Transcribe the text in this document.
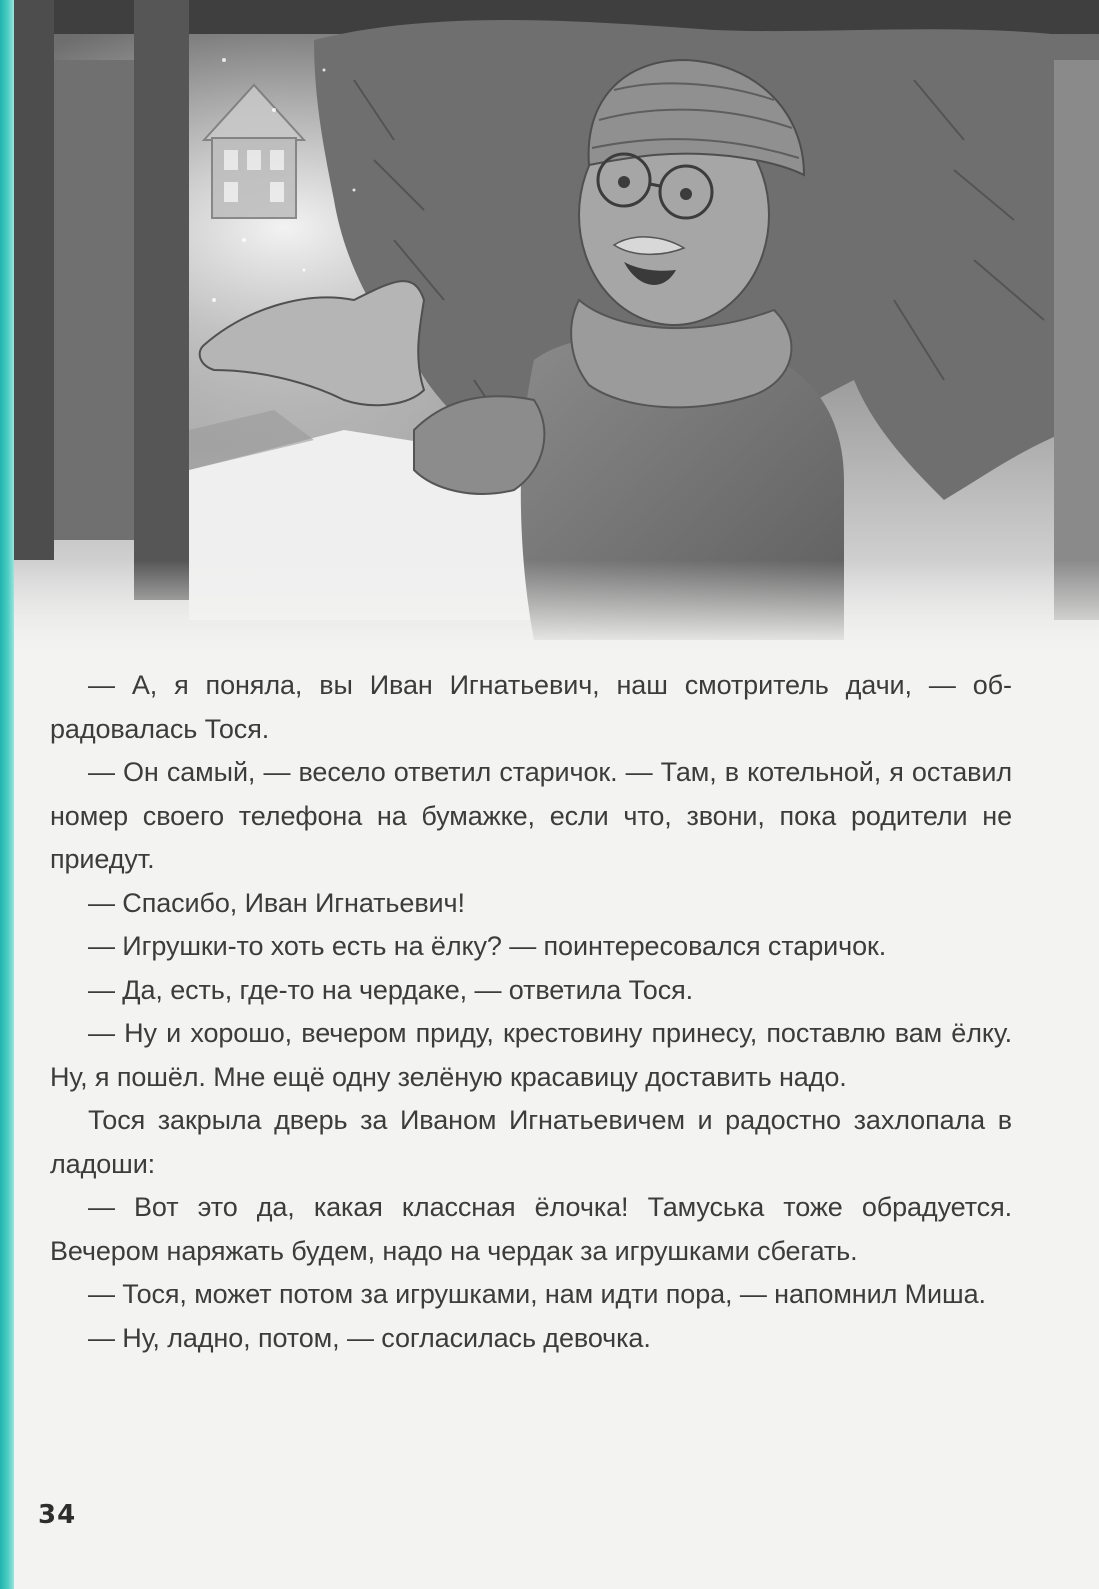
— А, я поняла, вы Иван Игнатьевич, наш смотритель дачи, — обрадовалась Тося.

— Он самый, — весело ответил старичок. — Там, в котельной, я оставил номер своего телефона на бумажке, если что, звони, пока родители не приедут.

— Спасибо, Иван Игнатьевич!

— Игрушки-то хоть есть на ёлку? — поинтересовался старичок.

— Да, есть, где-то на чердаке, — ответила Тося.

— Ну и хорошо, вечером приду, крестовину принесу, поставлю вам ёлку. Ну, я пошёл. Мне ещё одну зелёную красавицу доставить надо.

Тося закрыла дверь за Иваном Игнатьевичем и радостно захлопала в ладоши:

— Вот это да, какая классная ёлочка! Тамуська тоже обрадуется. Вечером наряжать будем, надо на чердак за игрушками сбегать.

— Тося, может потом за игрушками, нам идти пора, — напомнил Миша.

— Ну, ладно, потом, — согласилась девочка.

34
